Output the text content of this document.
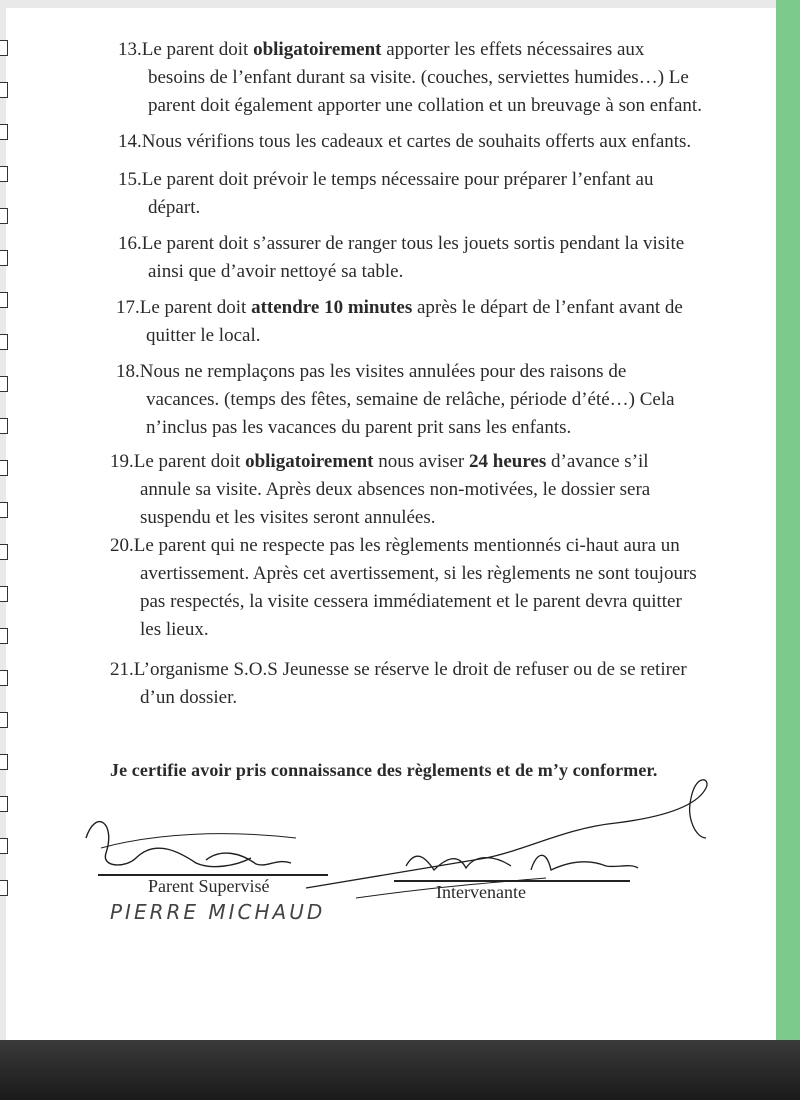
13.Le parent doit obligatoirement apporter les effets nécessaires aux
besoins de l’enfant durant sa visite. (couches, serviettes humides…) Le
parent doit également apporter une collation et un breuvage à son enfant.
14.Nous vérifions tous les cadeaux et cartes de souhaits offerts aux enfants.
15.Le parent doit prévoir le temps nécessaire pour préparer l’enfant au
départ.
16.Le parent doit s’assurer de ranger tous les jouets sortis pendant la visite
ainsi que d’avoir nettoyé sa table.
17.Le parent doit attendre 10 minutes après le départ de l’enfant avant de
quitter le local.
18.Nous ne remplaçons pas les visites annulées pour des raisons de
vacances. (temps des fêtes, semaine de relâche, période d’été…) Cela
n’inclus pas les vacances du parent prit sans les enfants.
19.Le parent doit obligatoirement nous aviser 24 heures d’avance s’il
annule sa visite. Après deux absences non-motivées, le dossier sera
suspendu et les visites seront annulées.
20.Le parent qui ne respecte pas les règlements mentionnés ci-haut aura un
avertissement. Après cet avertissement, si les règlements ne sont toujours
pas respectés, la visite cessera immédiatement et le parent devra quitter
les lieux.
21.L’organisme S.O.S Jeunesse se réserve le droit de refuser ou de se retirer
d’un dossier.
Je certifie avoir pris connaissance des règlements et de m’y conformer.
Parent Supervisé	Intervenante
PIERRE MICHAUD
